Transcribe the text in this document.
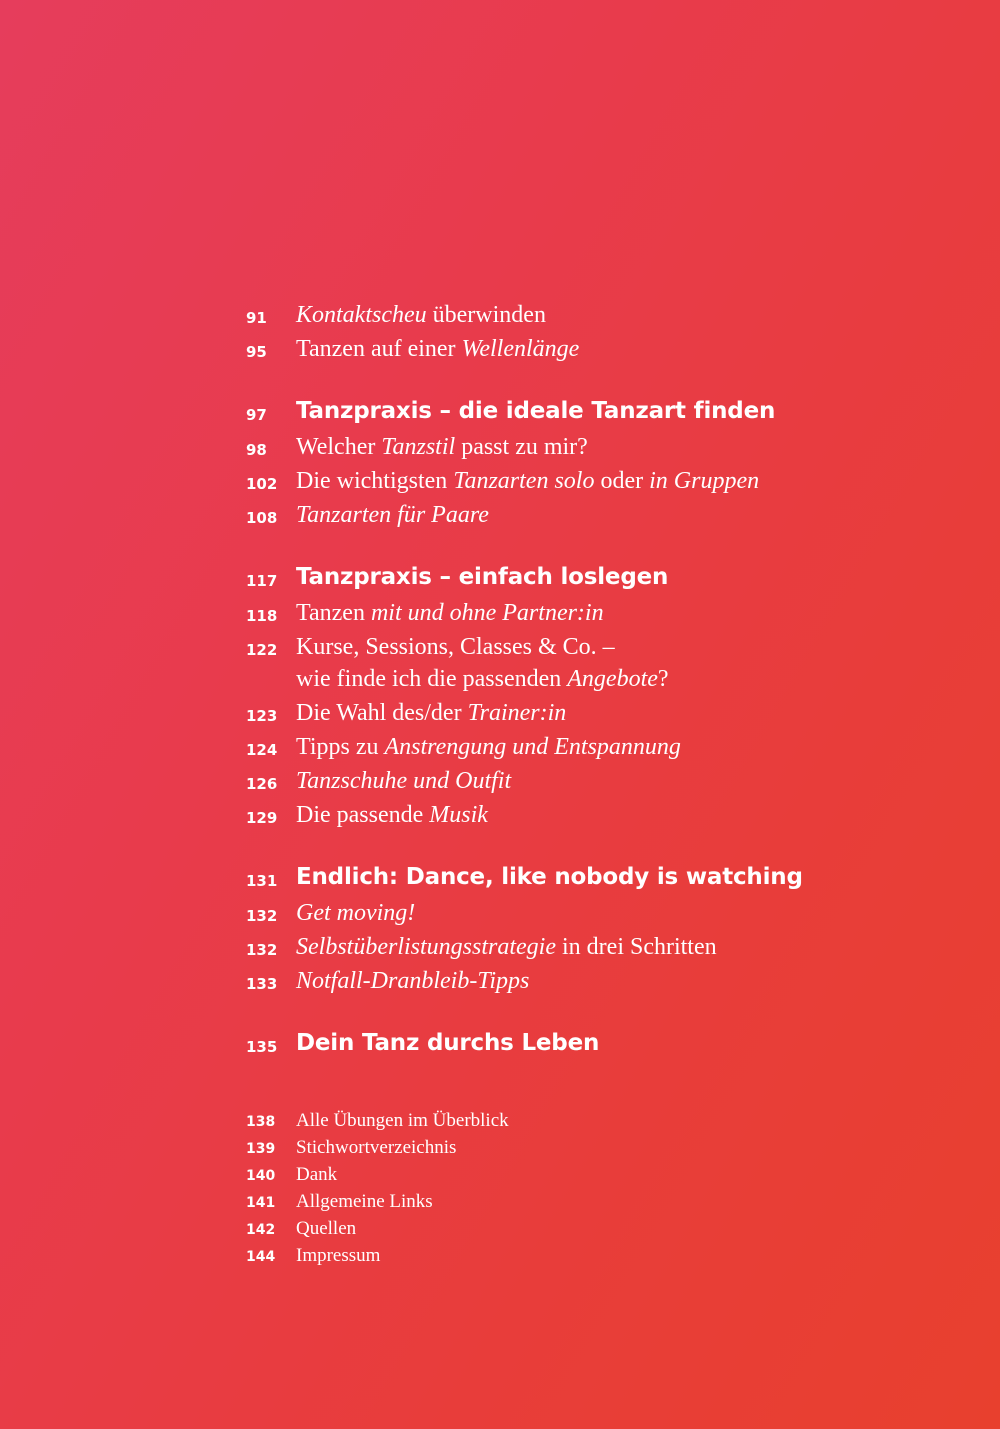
91 Kontaktscheu überwinden
95 Tanzen auf einer Wellenlänge
97 Tanzpraxis – die ideale Tanzart finden
98 Welcher Tanzstil passt zu mir?
102 Die wichtigsten Tanzarten solo oder in Gruppen
108 Tanzarten für Paare
117 Tanzpraxis – einfach loslegen
118 Tanzen mit und ohne Partner:in
122 Kurse, Sessions, Classes & Co. –
wie finde ich die passenden Angebote?
123 Die Wahl des/der Trainer:in
124 Tipps zu Anstrengung und Entspannung
126 Tanzschuhe und Outfit
129 Die passende Musik
131 Endlich: Dance, like nobody is watching
132 Get moving!
132 Selbstüberlistungsstrategie in drei Schritten
133 Notfall-Dranbleib-Tipps
135 Dein Tanz durchs Leben
138 Alle Übungen im Überblick
139 Stichwortverzeichnis
140 Dank
141 Allgemeine Links
142 Quellen
144 Impressum
